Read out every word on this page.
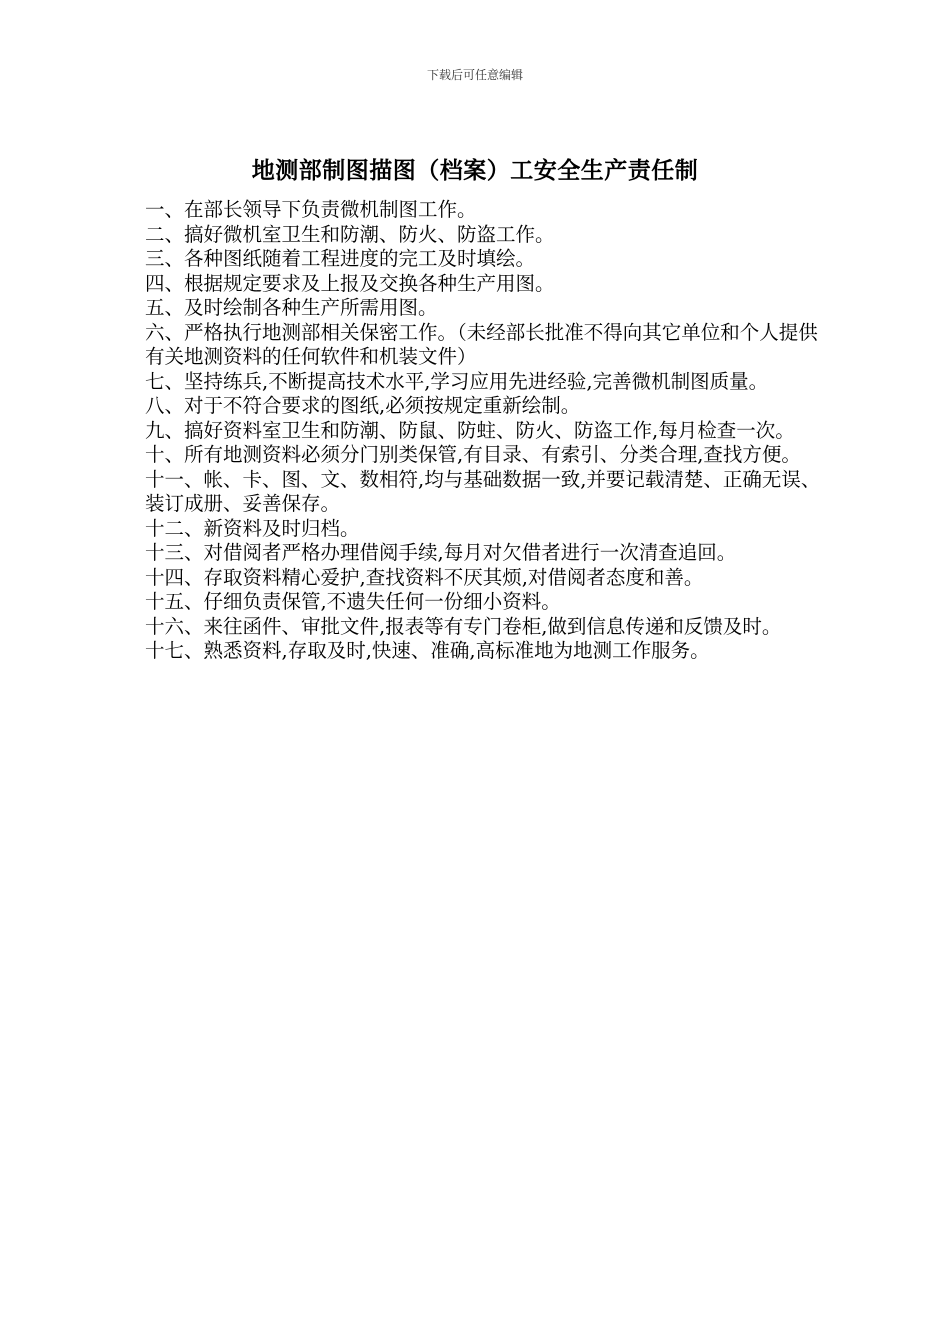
下载后可任意编辑
地测部制图描图（档案）工安全生产责任制

一、在部长领导下负责微机制图工作。

二、搞好微机室卫生和防潮、防火、防盗工作。

三、各种图纸随着工程进度的完工及时填绘。

四、根据规定要求及上报及交换各种生产用图。

五、及时绘制各种生产所需用图。

六、严格执行地测部相关保密工作。（未经部长批准不得向其它单位和个人提供有关地测资料的任何软件和机装文件）

七、坚持练兵,不断提高技术水平,学习应用先进经验,完善微机制图质量。

八、对于不符合要求的图纸,必须按规定重新绘制。

九、搞好资料室卫生和防潮、防鼠、防蛀、防火、防盗工作,每月检查一次。

十、所有地测资料必须分门别类保管,有目录、有索引、分类合理,查找方便。

十一、帐、卡、图、文、数相符,均与基础数据一致,并要记载清楚、正确无误、装订成册、妥善保存。

十二、新资料及时归档。

十三、对借阅者严格办理借阅手续,每月对欠借者进行一次清查追回。

十四、存取资料精心爱护,查找资料不厌其烦,对借阅者态度和善。

十五、仔细负责保管,不遗失任何一份细小资料。

十六、来往函件、审批文件,报表等有专门卷柜,做到信息传递和反馈及时。

十七、熟悉资料,存取及时,快速、准确,高标准地为地测工作服务。
